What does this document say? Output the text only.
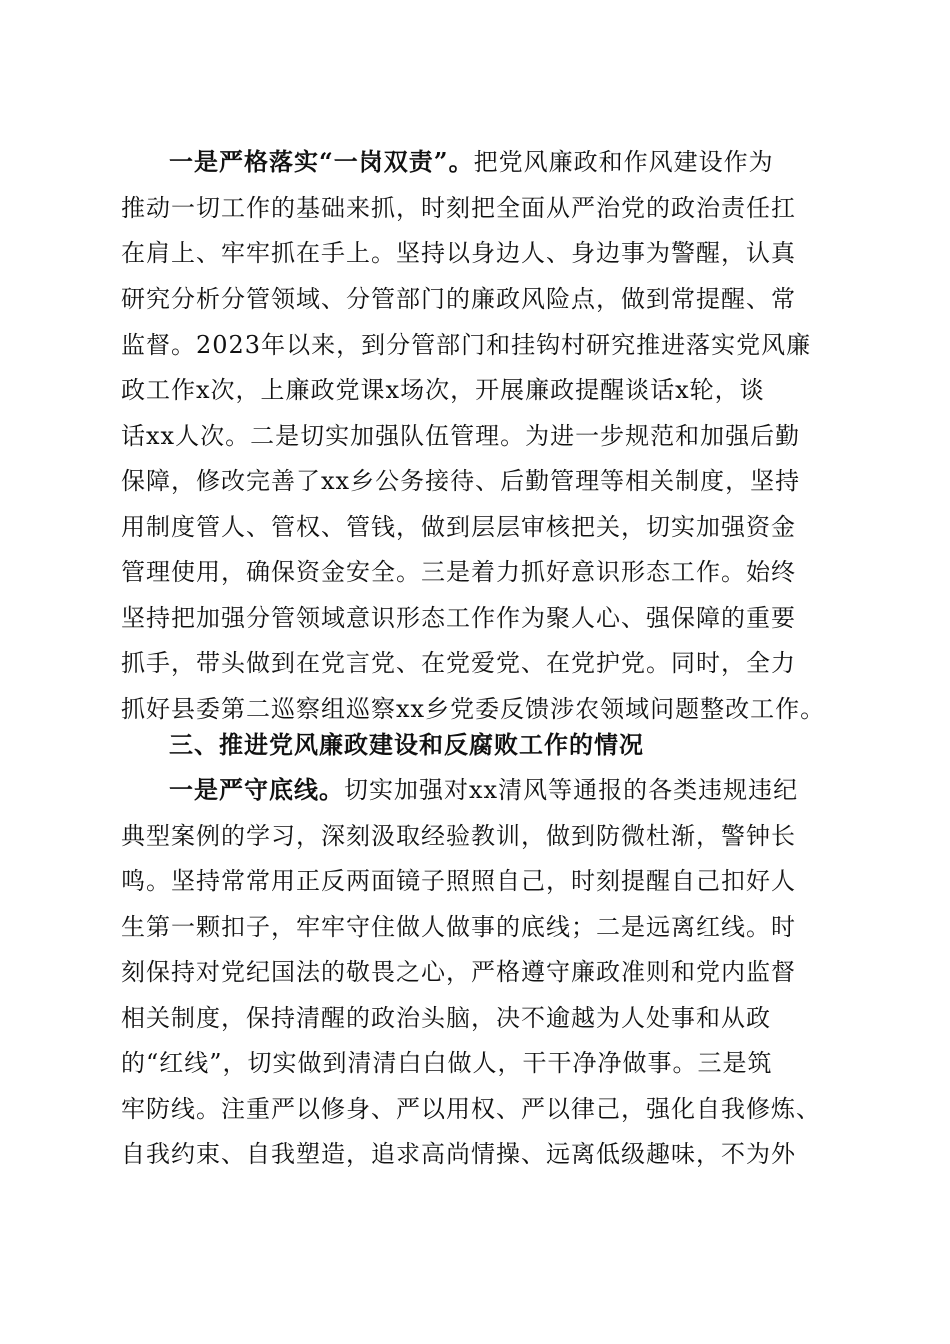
一是严格落实“一岗双责”。把党风廉政和作风建设作为
推动一切工作的基础来抓，时刻把全面从严治党的政治责任扛
在肩上、牢牢抓在手上。坚持以身边人、身边事为警醒，认真
研究分析分管领域、分管部门的廉政风险点，做到常提醒、常
监督。2023年以来，到分管部门和挂钩村研究推进落实党风廉
政工作x次，上廉政党课x场次，开展廉政提醒谈话x轮，谈
话xx人次。二是切实加强队伍管理。为进一步规范和加强后勤
保障，修改完善了xx乡公务接待、后勤管理等相关制度，坚持
用制度管人、管权、管钱，做到层层审核把关，切实加强资金
管理使用，确保资金安全。三是着力抓好意识形态工作。始终
坚持把加强分管领域意识形态工作作为聚人心、强保障的重要
抓手，带头做到在党言党、在党爱党、在党护党。同时，全力
抓好县委第二巡察组巡察xx乡党委反馈涉农领域问题整改工作。
三、推进党风廉政建设和反腐败工作的情况
一是严守底线。切实加强对xx清风等通报的各类违规违纪
典型案例的学习，深刻汲取经验教训，做到防微杜渐，警钟长
鸣。坚持常常用正反两面镜子照照自己，时刻提醒自己扣好人
生第一颗扣子，牢牢守住做人做事的底线；二是远离红线。时
刻保持对党纪国法的敬畏之心，严格遵守廉政准则和党内监督
相关制度，保持清醒的政治头脑，决不逾越为人处事和从政
的“红线”，切实做到清清白白做人，干干净净做事。三是筑
牢防线。注重严以修身、严以用权、严以律己，强化自我修炼、
自我约束、自我塑造，追求高尚情操、远离低级趣味，不为外
